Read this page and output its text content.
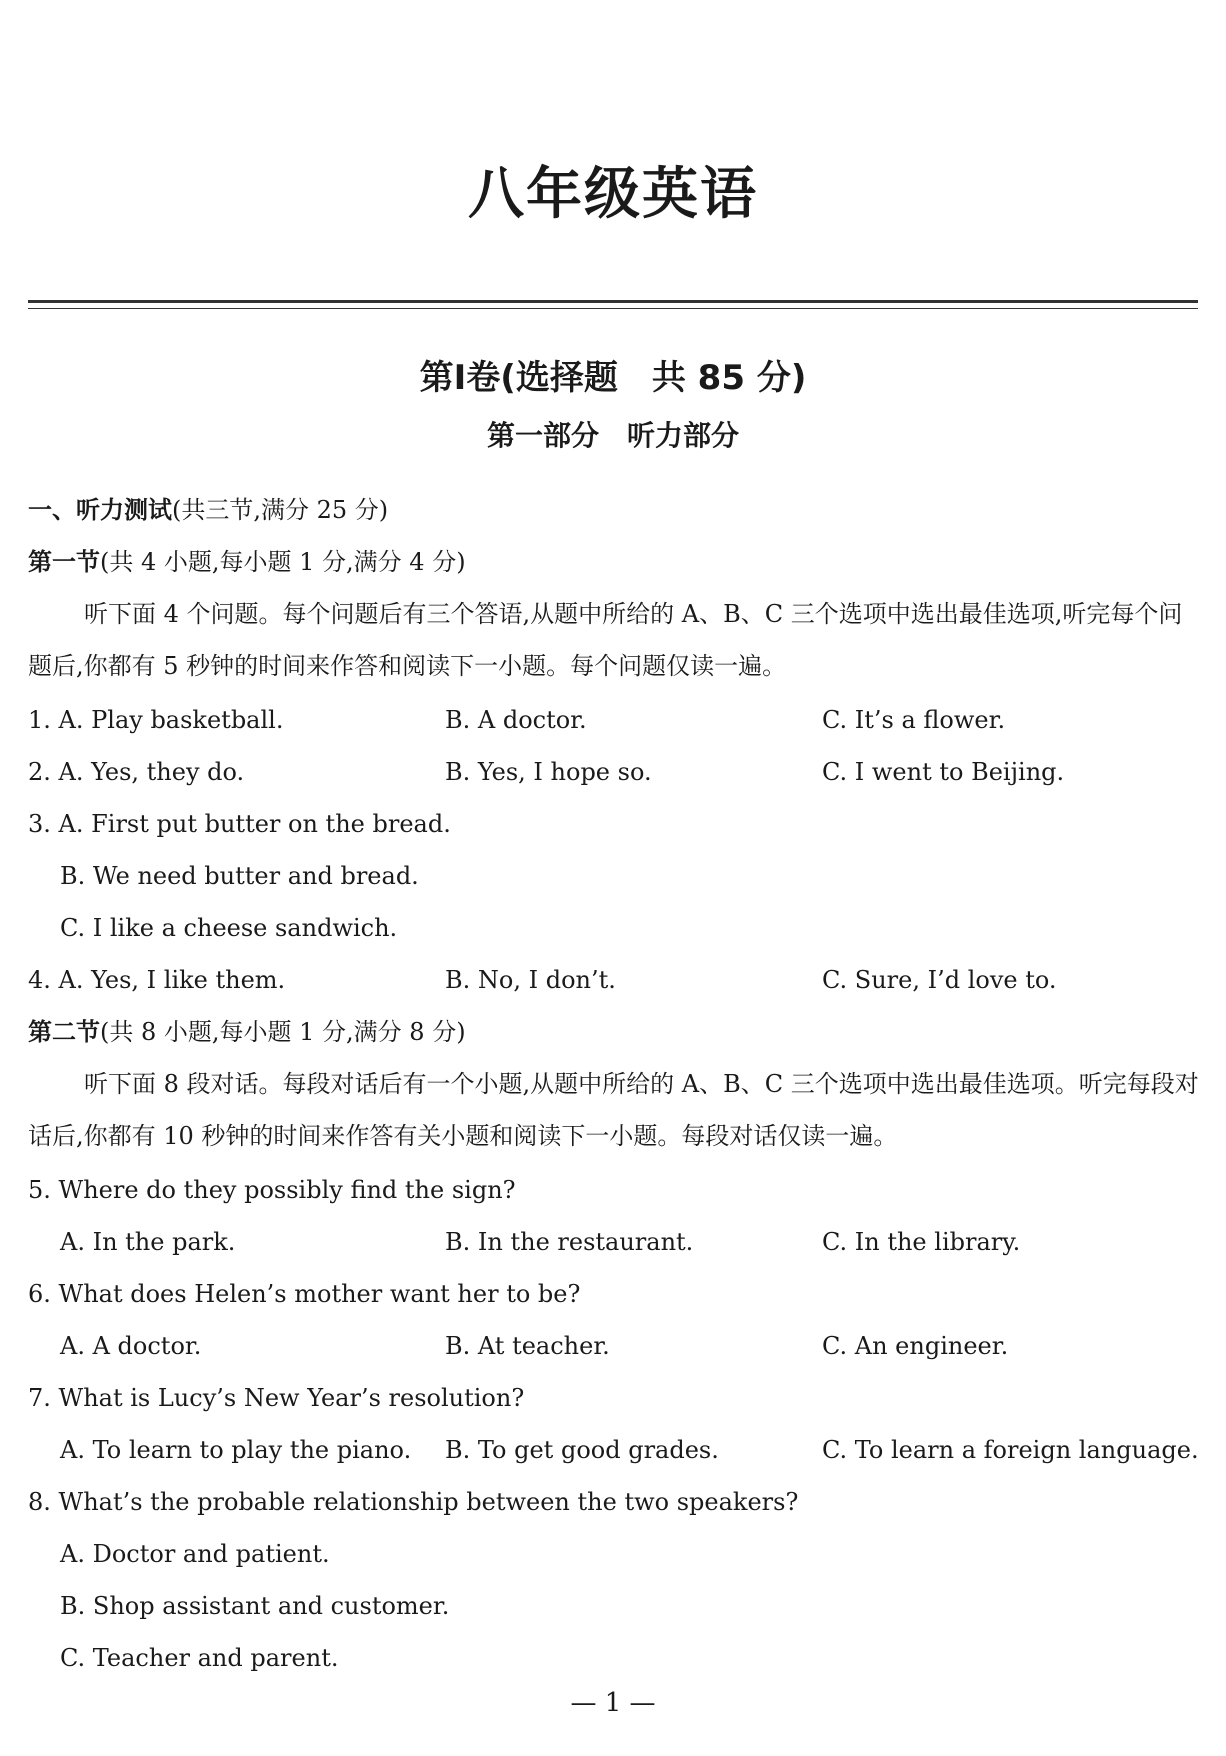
八年级英语
第Ⅰ卷(选择题　共 85 分)
第一部分　听力部分
一、听力测试(共三节,满分 25 分)
第一节(共 4 小题,每小题 1 分,满分 4 分)
听下面 4 个问题。每个问题后有三个答语,从题中所给的 A、B、C 三个选项中选出最佳选项,听完每个问题后,你都有 5 秒钟的时间来作答和阅读下一小题。每个问题仅读一遍。
1. A. Play basketball.	B. A doctor.	C. It’s a flower.
2. A. Yes, they do.	B. Yes, I hope so.	C. I went to Beijing.
3. A. First put butter on the bread.
B. We need butter and bread.
C. I like a cheese sandwich.
4. A. Yes, I like them.	B. No, I don’t.	C. Sure, I’d love to.
第二节(共 8 小题,每小题 1 分,满分 8 分)
听下面 8 段对话。每段对话后有一个小题,从题中所给的 A、B、C 三个选项中选出最佳选项。听完每段对话后,你都有 10 秒钟的时间来作答有关小题和阅读下一小题。每段对话仅读一遍。
5. Where do they possibly find the sign?
A. In the park.	B. In the restaurant.	C. In the library.
6. What does Helen’s mother want her to be?
A. A doctor.	B. At teacher.	C. An engineer.
7. What is Lucy’s New Year’s resolution?
A. To learn to play the piano. B. To get good grades.	C. To learn a foreign language.
8. What’s the probable relationship between the two speakers?
A. Doctor and patient.
B. Shop assistant and customer.
C. Teacher and parent.
— 1 —
